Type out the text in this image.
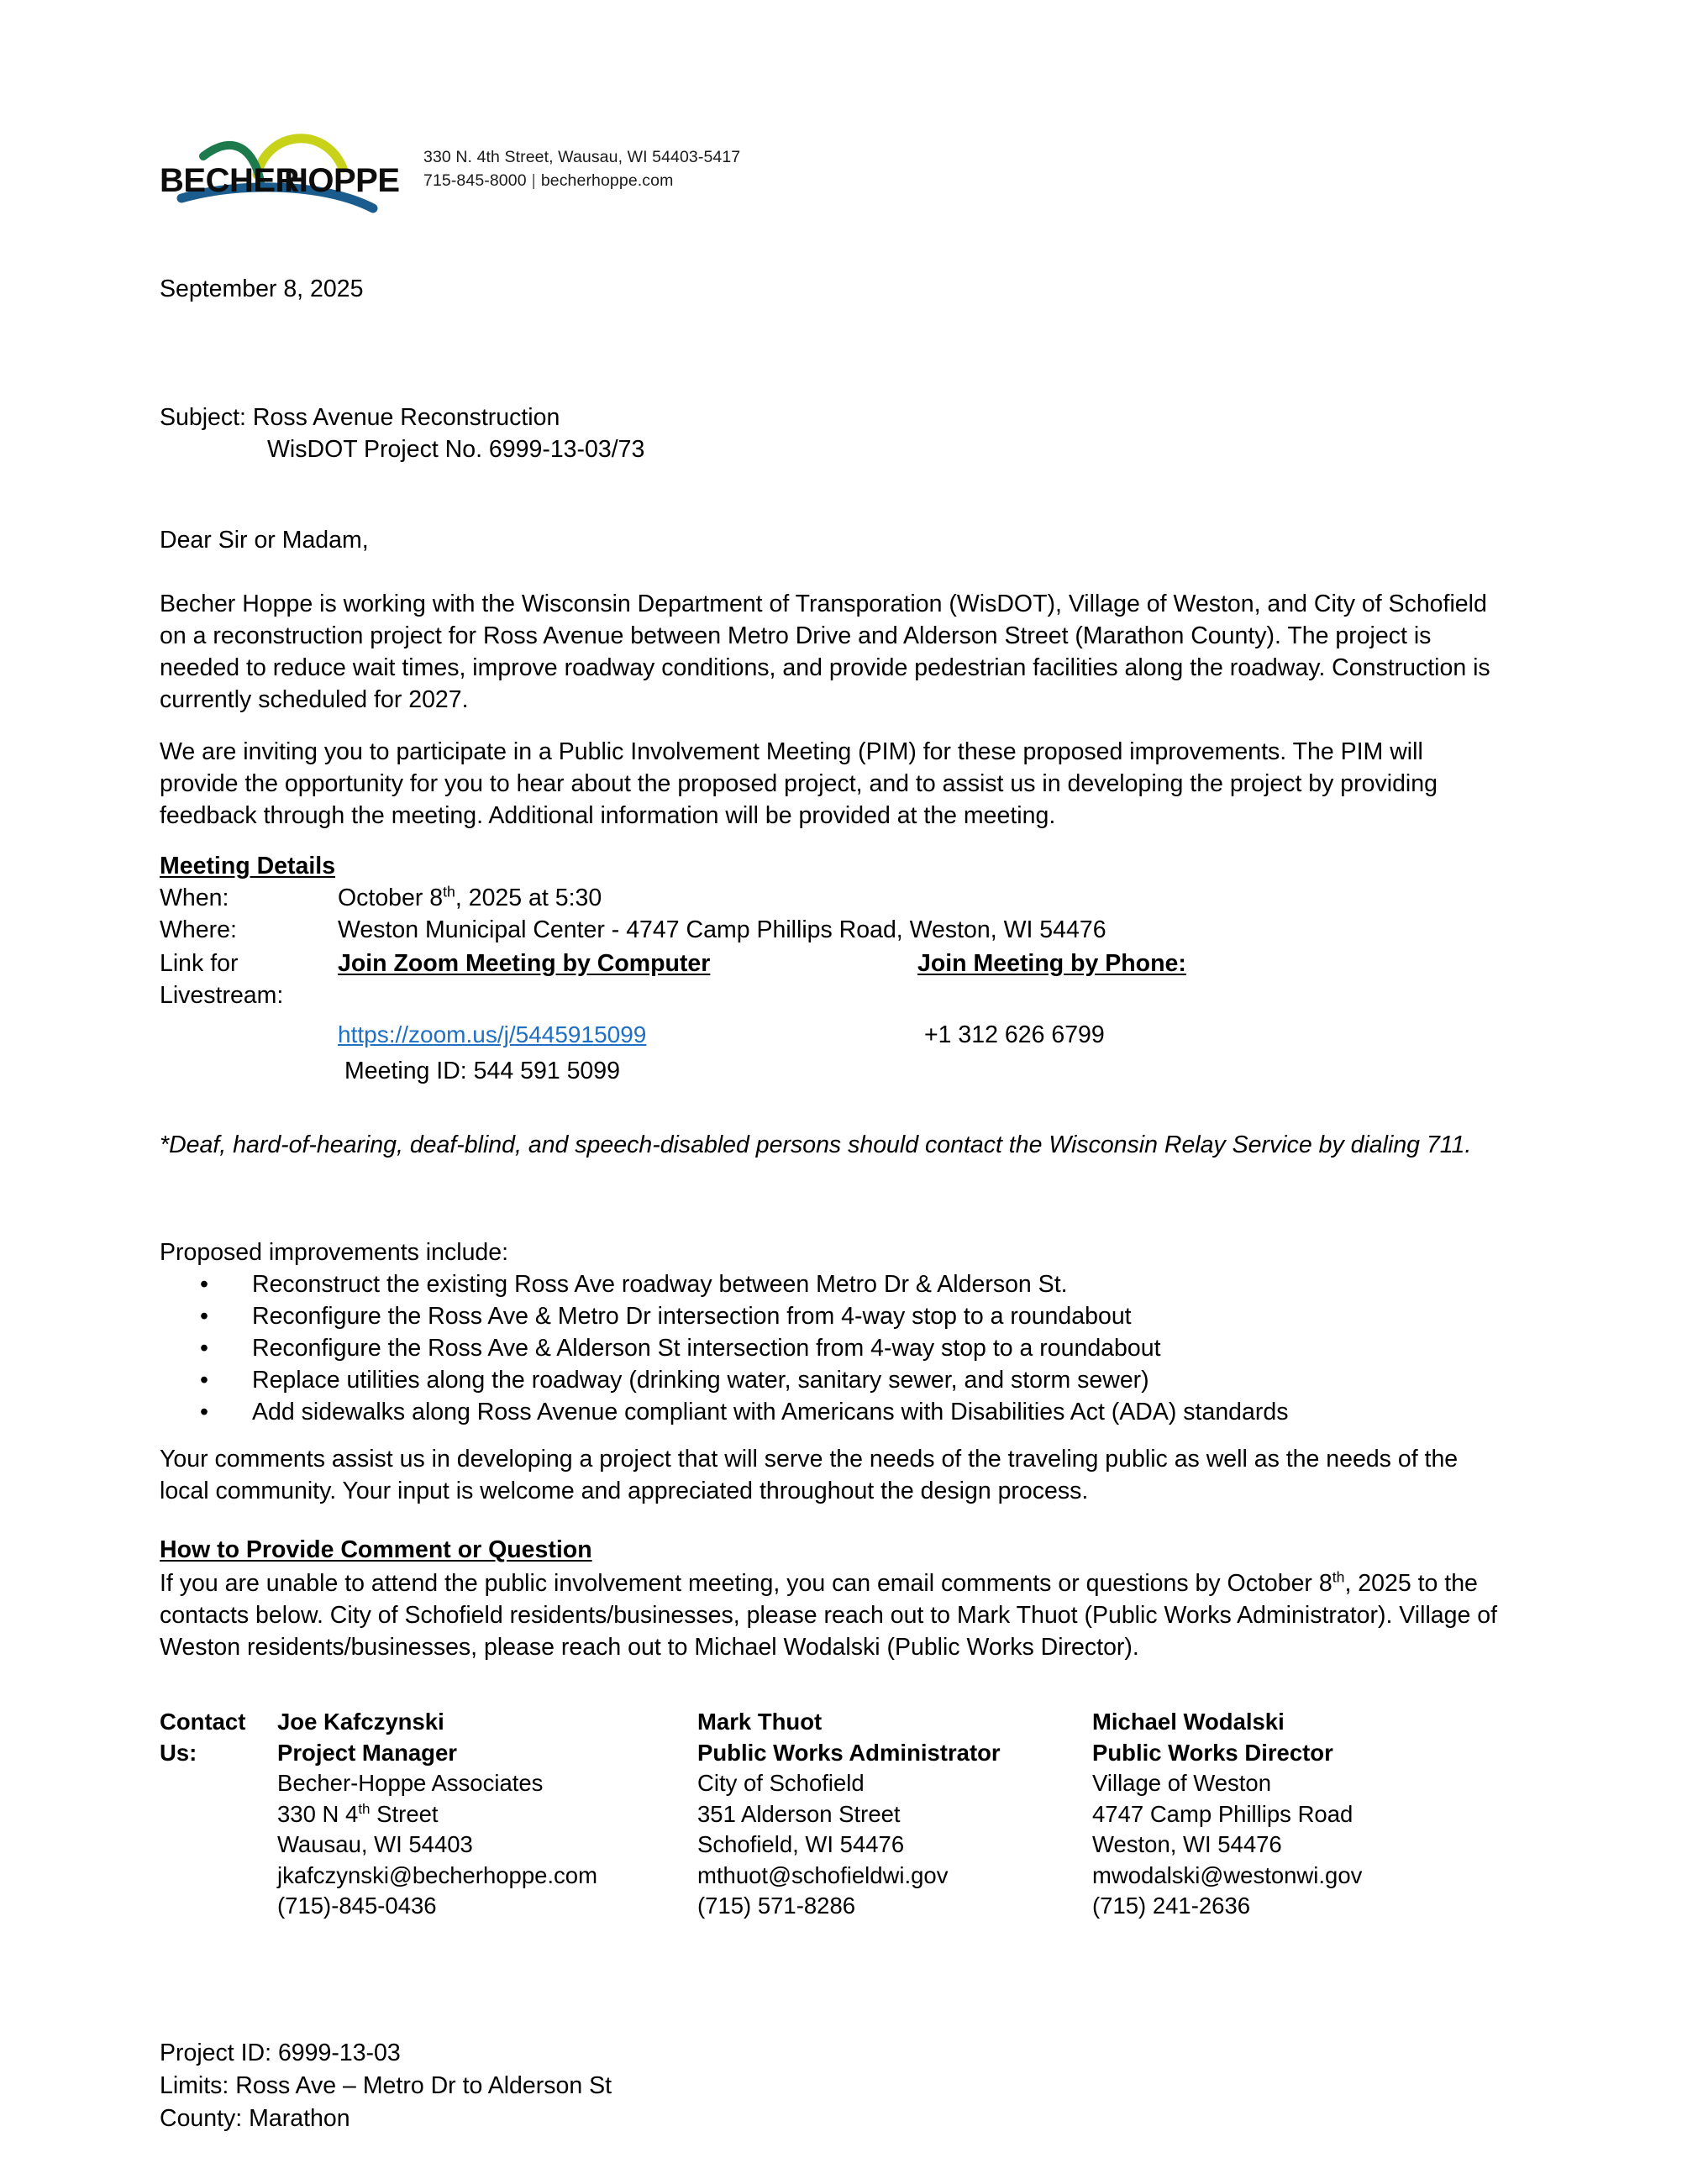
BECHER
HOPPE
330 N. 4th Street, Wausau, WI 54403-5417
715-845-8000 | becherhoppe.com
September 8, 2025
Subject: Ross Avenue Reconstruction
WisDOT Project No. 6999-13-03/73
Dear Sir or Madam,
Becher Hoppe is working with the Wisconsin Department of Transporation (WisDOT), Village of Weston, and City of Schofield on a reconstruction project for Ross Avenue between Metro Drive and Alderson Street (Marathon County). The project is needed to reduce wait times, improve roadway conditions, and provide pedestrian facilities along the roadway. Construction is currently scheduled for 2027.
We are inviting you to participate in a Public Involvement Meeting (PIM) for these proposed improvements. The PIM will provide the opportunity for you to hear about the proposed project, and to assist us in developing the project by providing feedback through the meeting. Additional information will be provided at the meeting.
Meeting Details
When:	October 8th, 2025 at 5:30
Where:	Weston Municipal Center - 4747 Camp Phillips Road, Weston, WI 54476
Link for Livestream:
Join Zoom Meeting by Computer	Join Meeting by Phone:
https://zoom.us/j/5445915099	+1 312 626 6799
Meeting ID: 544 591 5099
*Deaf, hard-of-hearing, deaf-blind, and speech-disabled persons should contact the Wisconsin Relay Service by dialing 711.
Proposed improvements include:
•	Reconstruct the existing Ross Ave roadway between Metro Dr & Alderson St.
•	Reconfigure the Ross Ave & Metro Dr intersection from 4-way stop to a roundabout
•	Reconfigure the Ross Ave & Alderson St intersection from 4-way stop to a roundabout
•	Replace utilities along the roadway (drinking water, sanitary sewer, and storm sewer)
•	Add sidewalks along Ross Avenue compliant with Americans with Disabilities Act (ADA) standards
Your comments assist us in developing a project that will serve the needs of the traveling public as well as the needs of the local community. Your input is welcome and appreciated throughout the design process.
How to Provide Comment or Question
If you are unable to attend the public involvement meeting, you can email comments or questions by October 8th, 2025 to the contacts below. City of Schofield residents/businesses, please reach out to Mark Thuot (Public Works Administrator). Village of Weston residents/businesses, please reach out to Michael Wodalski (Public Works Director).
Contact
Us:
Joe Kafczynski
Project Manager
Becher-Hoppe Associates
330 N 4th Street
Wausau, WI 54403
jkafczynski@becherhoppe.com
(715)-845-0436
Mark Thuot
Public Works Administrator
City of Schofield
351 Alderson Street
Schofield, WI 54476
mthuot@schofieldwi.gov
(715) 571-8286
Michael Wodalski
Public Works Director
Village of Weston
4747 Camp Phillips Road
Weston, WI 54476
mwodalski@westonwi.gov
(715) 241-2636
Project ID: 6999-13-03
Limits: Ross Ave – Metro Dr to Alderson St
County: Marathon
